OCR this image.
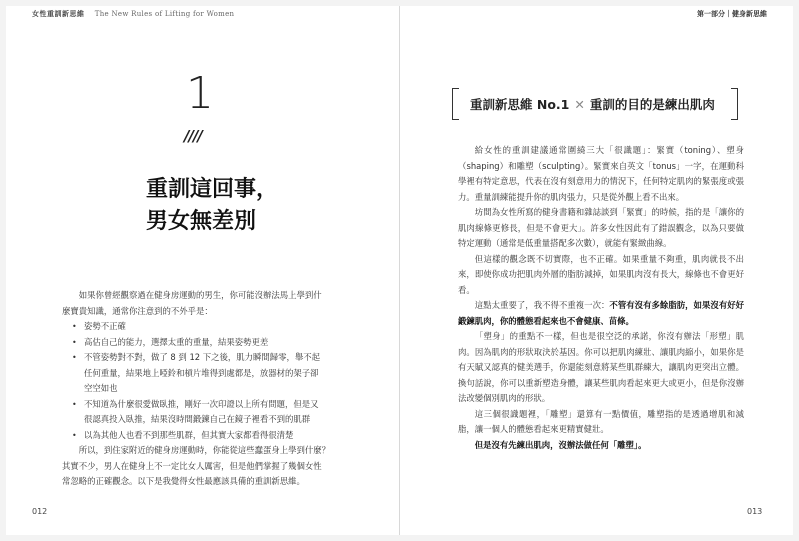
女性重訓新思維 The New Rules of Lifting for Women	第一部分｜健身新思維
1
////
重訓這回事，
男女無差別

如果你曾經觀察過在健身房運動的男生，你可能沒辦法馬上學到什

麼寶貴知識，通常你注意到的不外乎是：

• 姿勢不正確
• 高估自己的能力，選擇太重的重量，結果姿勢更差
• 不管姿勢對不對，做了 8 到 12 下之後，肌力瞬間歸零，舉不起
任何重量，結果地上啞鈴和槓片堆得到處都是，放器材的架子卻
空空如也
• 不知道為什麼很愛做臥推，剛好一次印證以上所有問題，但是又
很認真投入臥推，結果沒時間鍛鍊自己在鏡子裡看不到的肌群
• 以為其他人也看不到那些肌群，但其實大家都看得很清楚

所以，到住家附近的健身房運動時，你能從這些蠢蛋身上學到什麼？

其實不少，男人在健身上不一定比女人厲害，但是他們掌握了幾個女性

常忽略的正確觀念。以下是我覺得女性最應該具備的重訓新思維。

012
重訓新思維 No.1 ✕ 重訓的目的是練出肌肉

給女性的重訓建議通常圍繞三大「很識題」：緊實（toning）、塑身（shaping）和雕塑（sculpting）。緊實來自英文「tonus」一字，在運動科學裡有特定意思，代表在沒有刻意用力的情況下，任何特定肌肉的緊張度或張力。重量訓練能提升你的肌肉張力，只是從外觀上看不出來。

坊間為女性所寫的健身書籍和雜誌談到「緊實」的時候，指的是「讓你的肌肉線條更修長，但是不會更大」。許多女性因此有了錯誤觀念，以為只要做特定運動（通常是低重量搭配多次數），就能有緊緻曲線。

但這樣的觀念既不切實際，也不正確。如果重量不夠重，肌肉就長不出來，即使你成功把肌肉外層的脂肪減掉，如果肌肉沒有長大，線條也不會更好看。

這點太重要了，我不得不重複一次：不管有沒有多餘脂肪，如果沒有好好鍛鍊肌肉，你的體態看起來也不會健康、苗條。

「塑身」的重點不一樣，但也是很空泛的承諾，你沒有辦法「形塑」肌肉。因為肌肉的形狀取決於基因。你可以把肌肉練壯、讓肌肉縮小，如果你是有天賦又認真的健美選手，你還能刻意將某些肌群練大，讓肌肉更突出立體。換句話說，你可以重新塑造身體，讓某些肌肉看起來更大或更小，但是你沒辦法改變個別肌肉的形狀。

這三個很識題裡，「雕塑」還算有一點價值，雕塑指的是透過增肌和減脂，讓一個人的體態看起來更精實健壯。

但是沒有先練出肌肉，沒辦法做任何「雕塑」。

013
